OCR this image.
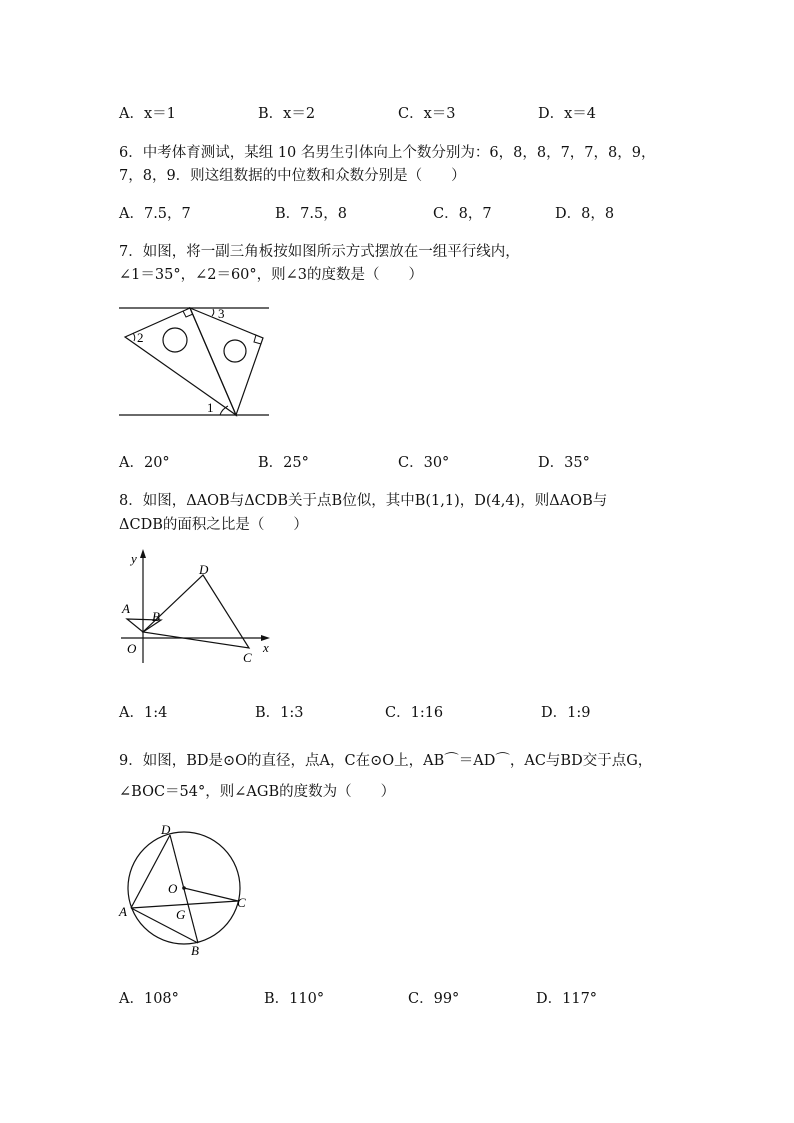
A．x＝1	B．x＝2	C．x＝3	D．x＝4
6．中考体育测试，某组 10 名男生引体向上个数分别为：6，8，8，7，7，8，9，
7，8，9．则这组数据的中位数和众数分别是（　　）
A．7.5，7	B．7.5，8	C．8，7	D．8，8
7．如图，将一副三角板按如图所示方式摆放在一组平行线内，
∠1＝35°，∠2＝60°，则∠3的度数是（　　）
2
3
1
A．20°	B．25°	C．30°	D．35°
8．如图，ΔAOB与ΔCDB关于点B位似，其中B(1,1)，D(4,4)，则ΔAOB与
ΔCDB的面积之比是（　　）
y
D
A
B
O
C
x
A．1:4	B．1:3	C．1:16	D．1:9
9．如图，BD是⊙O的直径，点A，C在⊙O上，AB⌒＝AD⌒，AC与BD交于点G，
∠BOC＝54°，则∠AGB的度数为（　　）
D
O
C
A	G
B
A．108°	B．110°	C．99°	D．117°
